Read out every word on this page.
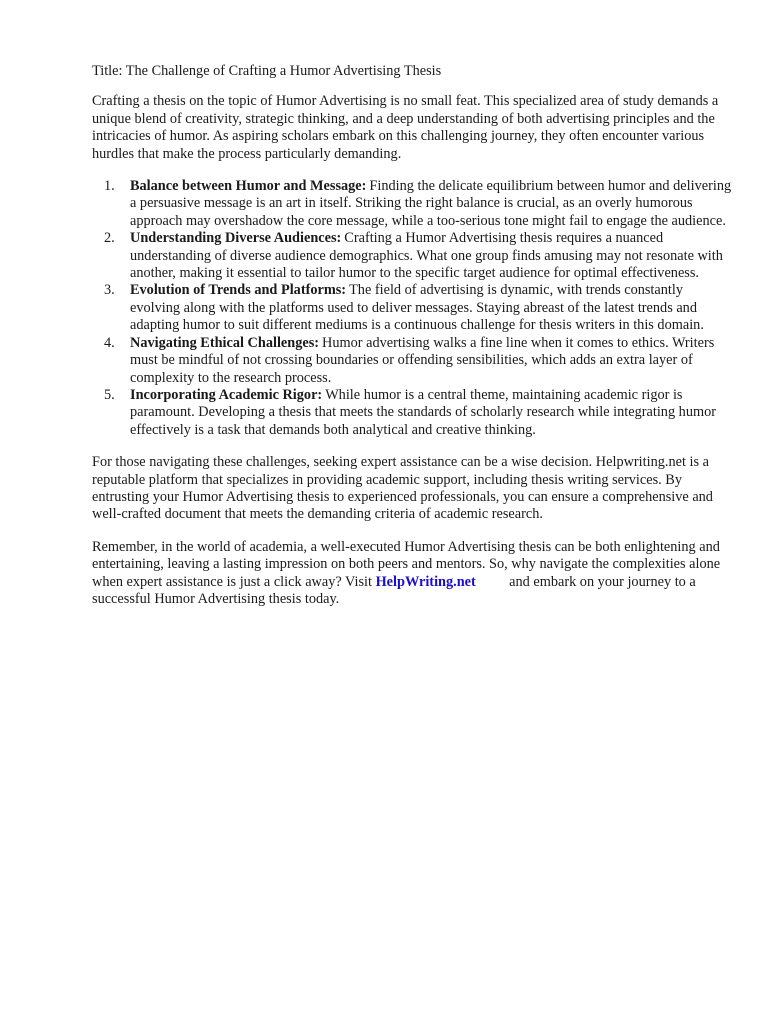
Title: The Challenge of Crafting a Humor Advertising Thesis

Crafting a thesis on the topic of Humor Advertising is no small feat. This specialized area of study demands a unique blend of creativity, strategic thinking, and a deep understanding of both advertising principles and the intricacies of humor. As aspiring scholars embark on this challenging journey, they often encounter various hurdles that make the process particularly demanding.

1.	Balance between Humor and Message: Finding the delicate equilibrium between humor and delivering a persuasive message is an art in itself. Striking the right balance is crucial, as an overly humorous approach may overshadow the core message, while a too-serious tone might fail to engage the audience.
2.	Understanding Diverse Audiences: Crafting a Humor Advertising thesis requires a nuanced understanding of diverse audience demographics. What one group finds amusing may not resonate with another, making it essential to tailor humor to the specific target audience for optimal effectiveness.
3.	Evolution of Trends and Platforms: The field of advertising is dynamic, with trends constantly evolving along with the platforms used to deliver messages. Staying abreast of the latest trends and adapting humor to suit different mediums is a continuous challenge for thesis writers in this domain.
4.	Navigating Ethical Challenges: Humor advertising walks a fine line when it comes to ethics. Writers must be mindful of not crossing boundaries or offending sensibilities, which adds an extra layer of complexity to the research process.
5.	Incorporating Academic Rigor: While humor is a central theme, maintaining academic rigor is paramount. Developing a thesis that meets the standards of scholarly research while integrating humor effectively is a task that demands both analytical and creative thinking.

For those navigating these challenges, seeking expert assistance can be a wise decision. Helpwriting.net is a reputable platform that specializes in providing academic support, including thesis writing services. By entrusting your Humor Advertising thesis to experienced professionals, you can ensure a comprehensive and well-crafted document that meets the demanding criteria of academic research.

Remember, in the world of academia, a well-executed Humor Advertising thesis can be both enlightening and entertaining, leaving a lasting impression on both peers and mentors. So, why navigate the complexities alone when expert assistance is just a click away? Visit HelpWriting.net and embark on your journey to a successful Humor Advertising thesis today.
